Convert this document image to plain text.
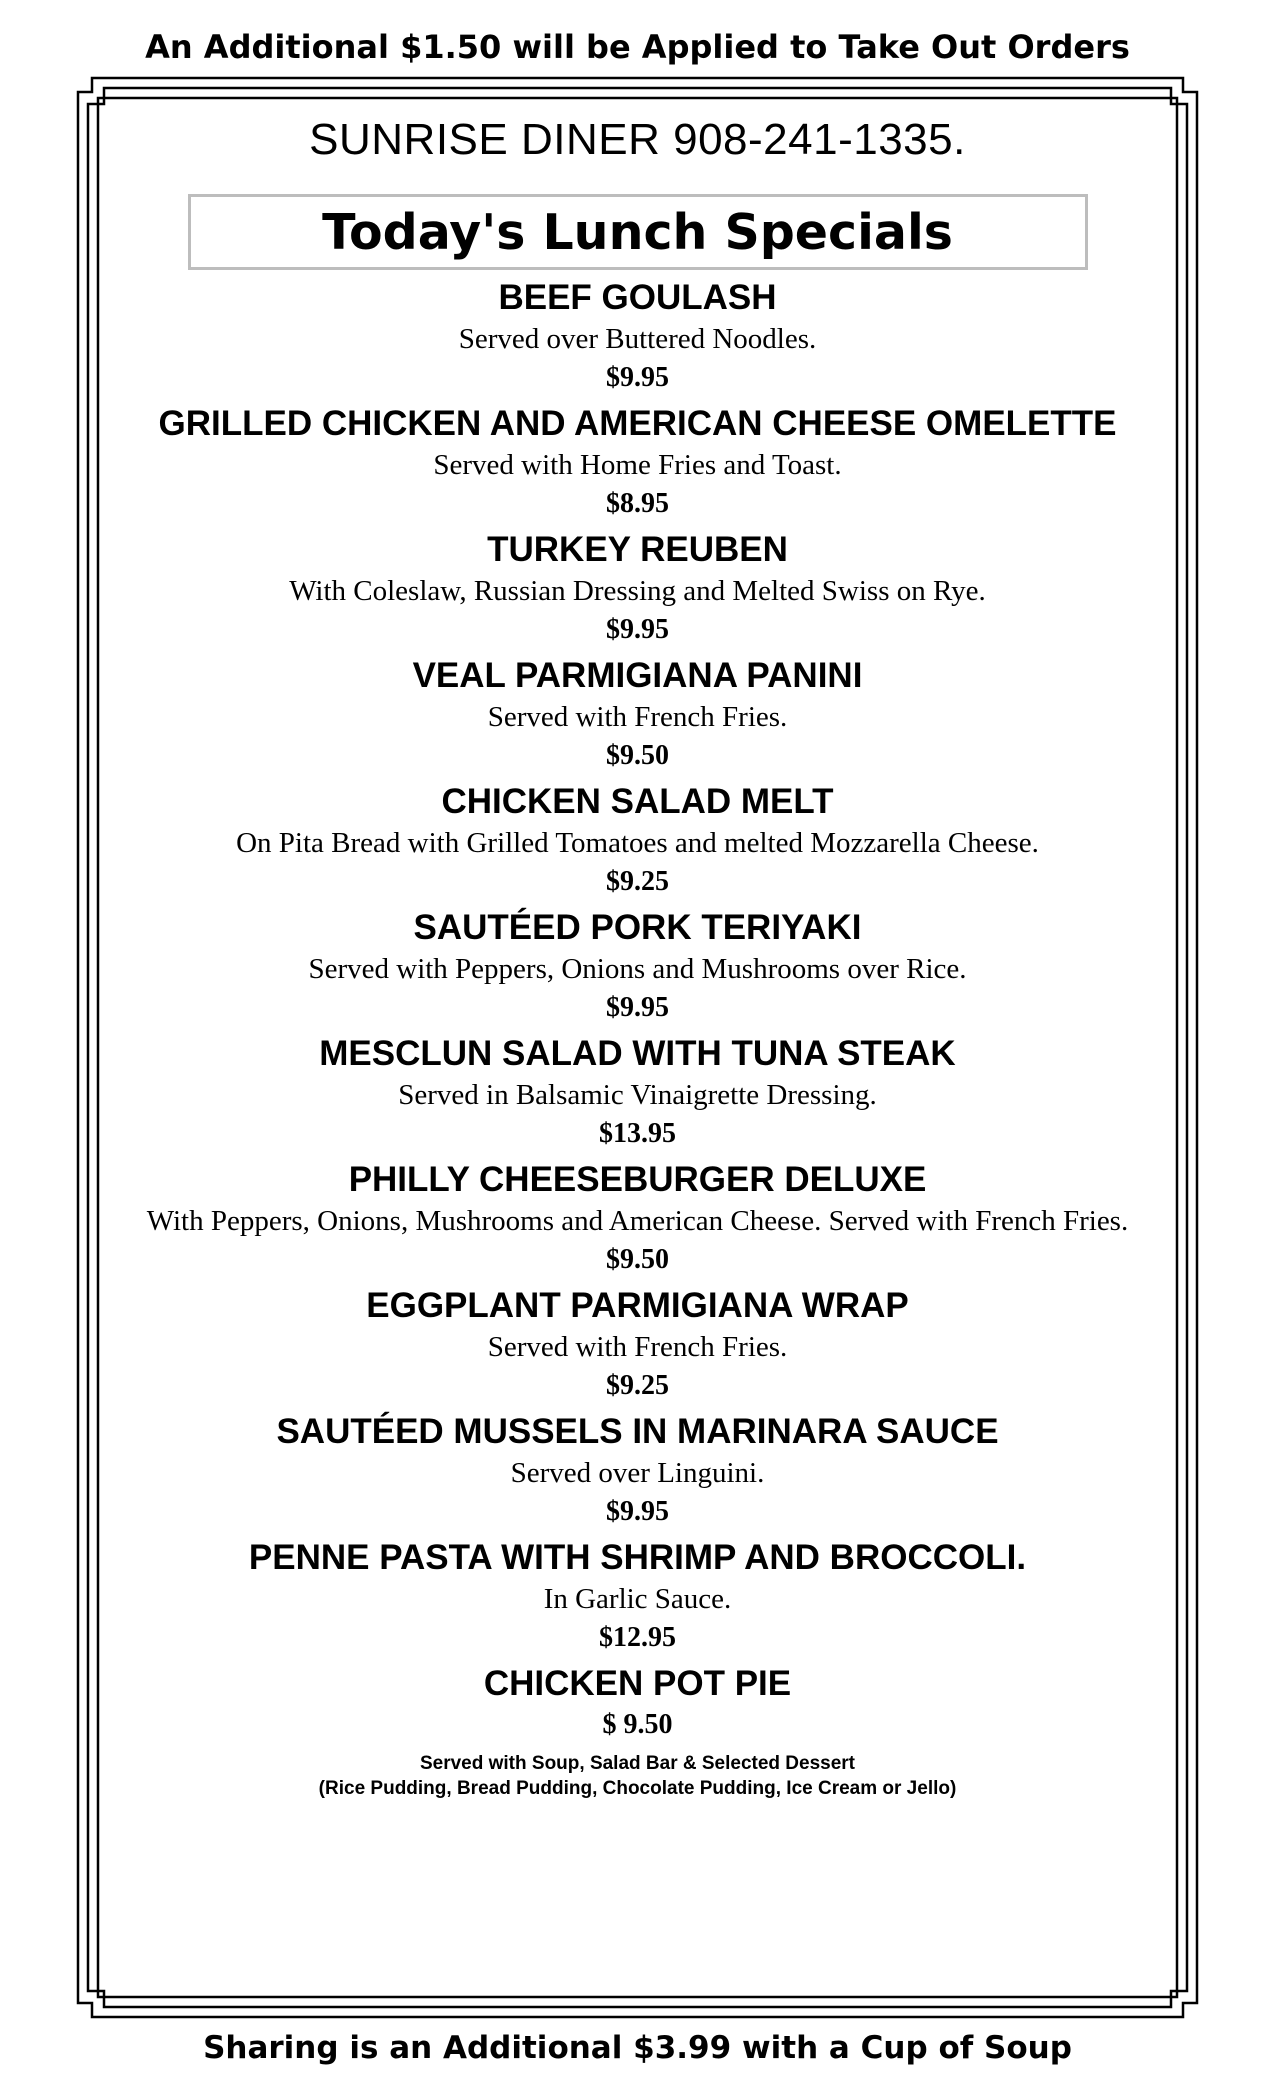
An Additional $1.50 will be Applied to Take Out Orders
SUNRISE DINER 908-241-1335.
Today's Lunch Specials
BEEF GOULASH
Served over Buttered Noodles.
$9.95
GRILLED CHICKEN AND AMERICAN CHEESE OMELETTE
Served with Home Fries and Toast.
$8.95
TURKEY REUBEN
With Coleslaw, Russian Dressing and Melted Swiss on Rye.
$9.95
VEAL PARMIGIANA PANINI
Served with French Fries.
$9.50
CHICKEN SALAD MELT
On Pita Bread with Grilled Tomatoes and melted Mozzarella Cheese.
$9.25
SAUTÉED PORK TERIYAKI
Served with Peppers, Onions and Mushrooms over Rice.
$9.95
MESCLUN SALAD WITH TUNA STEAK
Served in Balsamic Vinaigrette Dressing.
$13.95
PHILLY CHEESEBURGER DELUXE
With Peppers, Onions, Mushrooms and American Cheese. Served with French Fries.
$9.50
EGGPLANT PARMIGIANA WRAP
Served with French Fries.
$9.25
SAUTÉED MUSSELS IN MARINARA SAUCE
Served over Linguini.
$9.95
PENNE PASTA WITH SHRIMP AND BROCCOLI.
In Garlic Sauce.
$12.95
CHICKEN POT PIE
$ 9.50
Served with Soup, Salad Bar & Selected Dessert
(Rice Pudding, Bread Pudding, Chocolate Pudding, Ice Cream or Jello)
Sharing is an Additional $3.99 with a Cup of Soup
